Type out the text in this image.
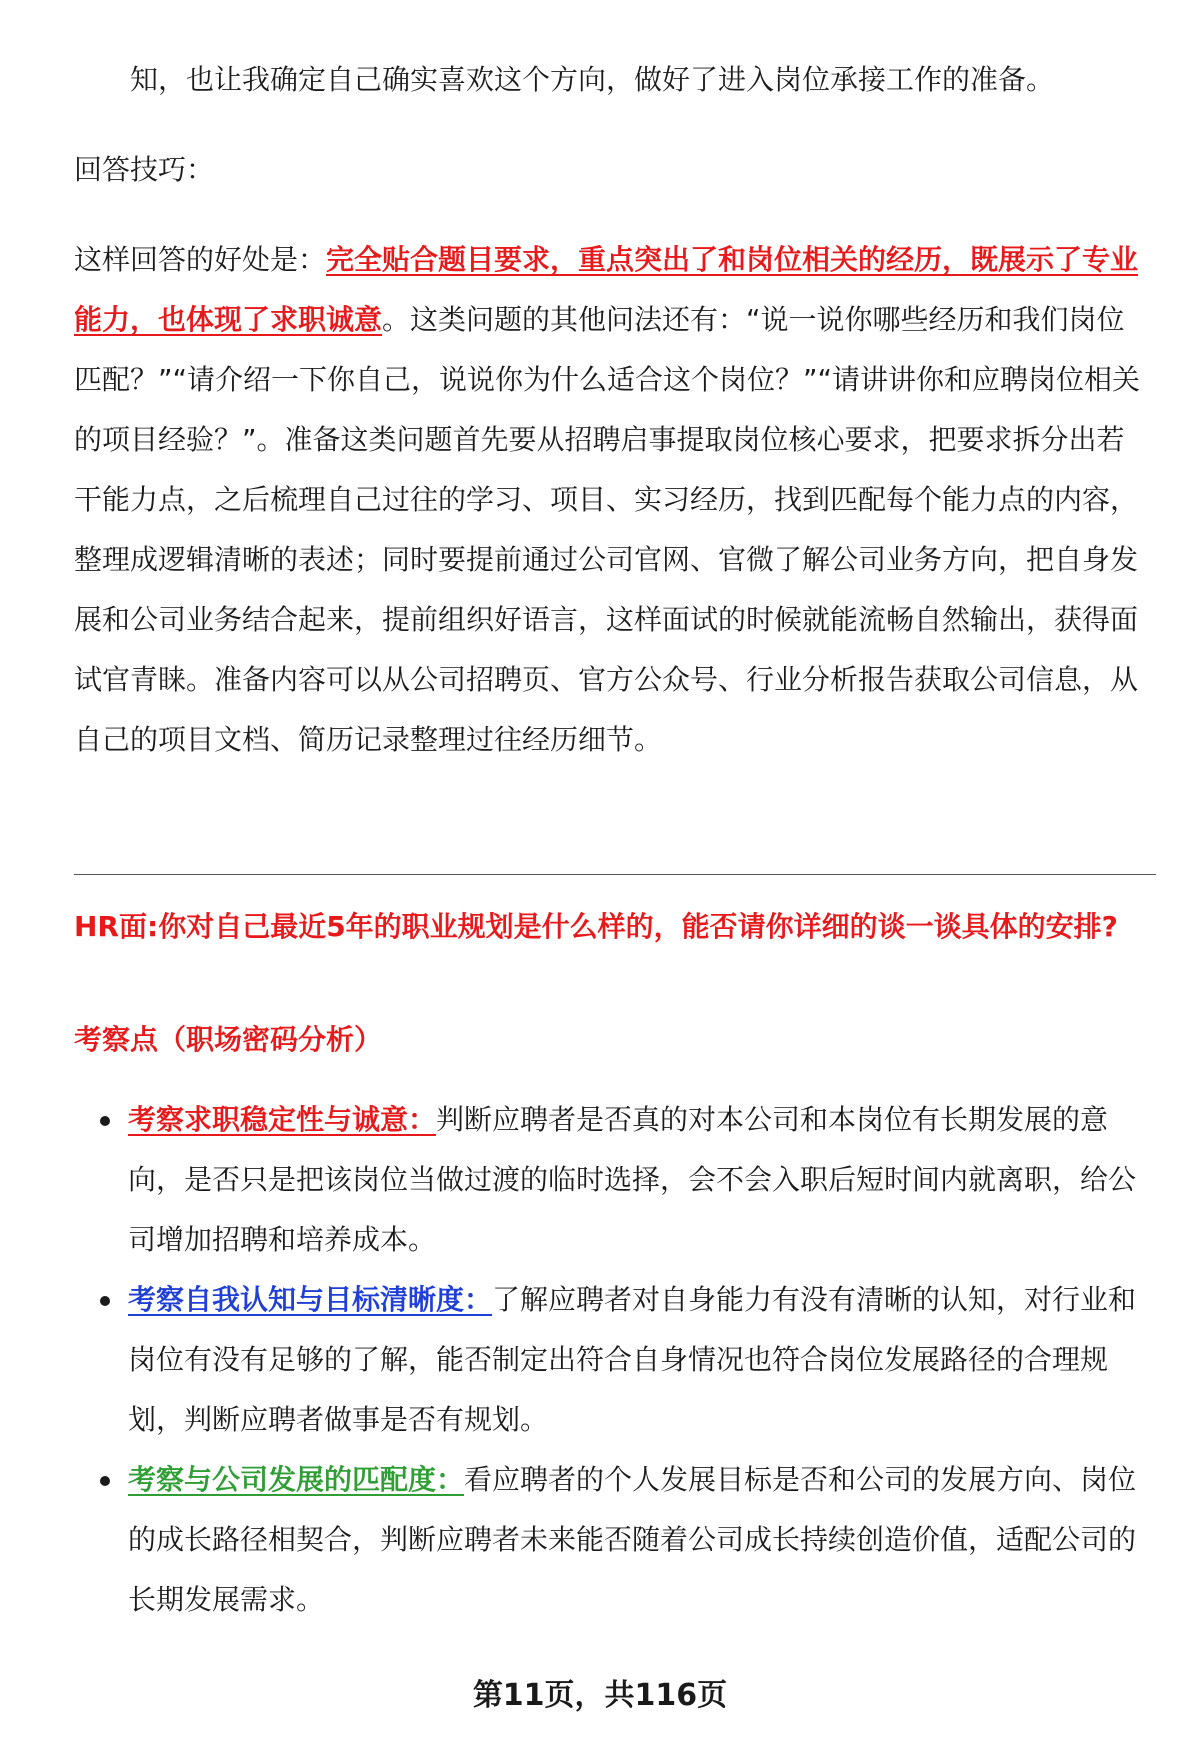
知，也让我确定自己确实喜欢这个方向，做好了进入岗位承接工作的准备。

回答技巧：

这样回答的好处是：完全贴合题目要求，重点突出了和岗位相关的经历，既展示了专业能力，也体现了求职诚意。这类问题的其他问法还有：“说一说你哪些经历和我们岗位匹配？”“请介绍一下你自己，说说你为什么适合这个岗位？”“请讲讲你和应聘岗位相关的项目经验？”。准备这类问题首先要从招聘启事提取岗位核心要求，把要求拆分出若干能力点，之后梳理自己过往的学习、项目、实习经历，找到匹配每个能力点的内容，整理成逻辑清晰的表述；同时要提前通过公司官网、官微了解公司业务方向，把自身发展和公司业务结合起来，提前组织好语言，这样面试的时候就能流畅自然输出，获得面试官青睐。准备内容可以从公司招聘页、官方公众号、行业分析报告获取公司信息，从自己的项目文档、简历记录整理过往经历细节。

HR面:你对自己最近5年的职业规划是什么样的，能否请你详细的谈一谈具体的安排?

考察点（职场密码分析）

考察求职稳定性与诚意：判断应聘者是否真的对本公司和本岗位有长期发展的意向，是否只是把该岗位当做过渡的临时选择，会不会入职后短时间内就离职，给公司增加招聘和培养成本。
考察自我认知与目标清晰度：了解应聘者对自身能力有没有清晰的认知，对行业和岗位有没有足够的了解，能否制定出符合自身情况也符合岗位发展路径的合理规划，判断应聘者做事是否有规划。
考察与公司发展的匹配度：看应聘者的个人发展目标是否和公司的发展方向、岗位的成长路径相契合，判断应聘者未来能否随着公司成长持续创造价值，适配公司的长期发展需求。
第11页，共116页
